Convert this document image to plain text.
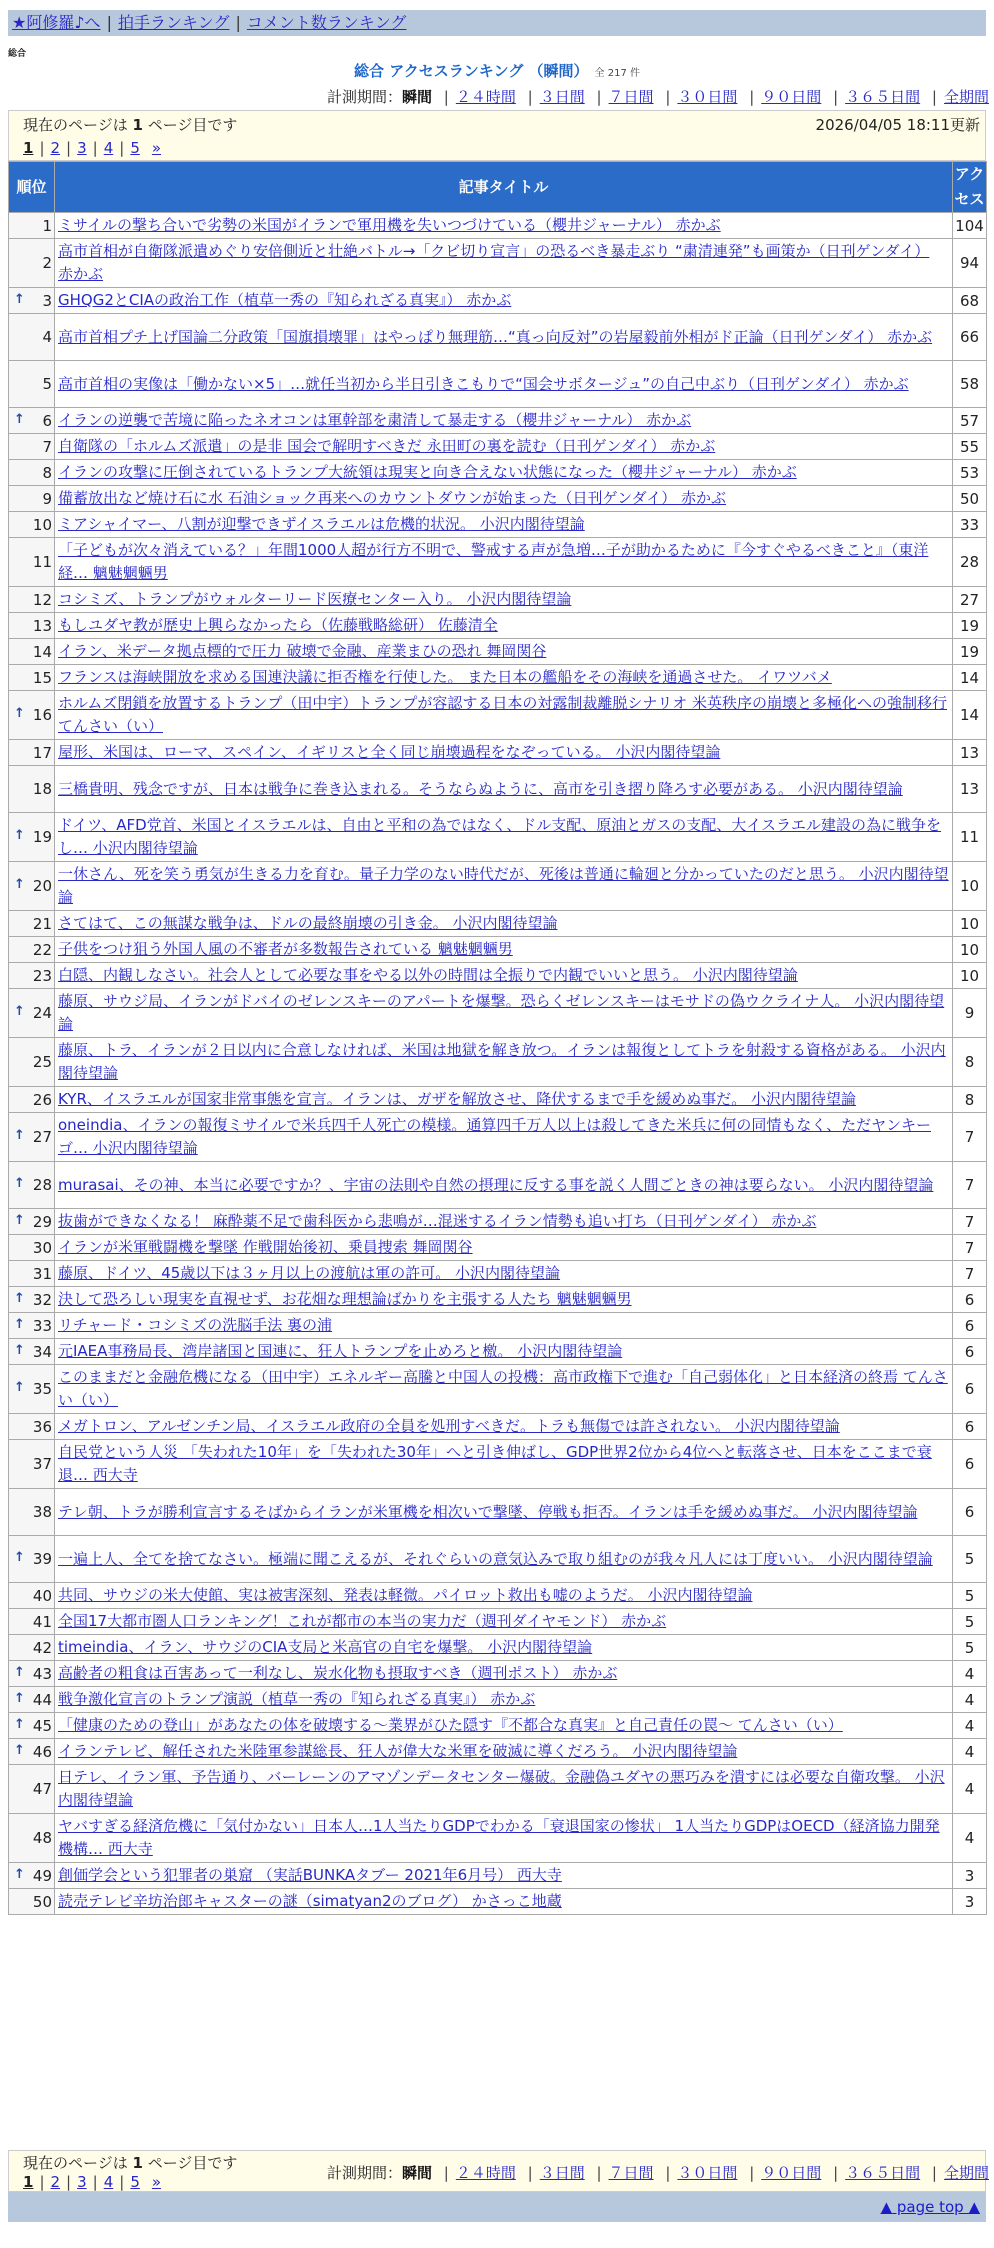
★阿修羅♪へ | 拍手ランキング | コメント数ランキング
総合
総合 アクセスランキング （瞬間） 全 217 件
計測期間：瞬間 | ２４時間 | ３日間 | ７日間 | ３０日間 | ９０日間 | ３６５日間 | 全期間
現在のページは 1 ページ目です	2026/04/05 18:11更新
1 | 2 | 3 | 4 | 5 »
順位	記事タイトル	アクセス
1	ミサイルの撃ち合いで劣勢の米国がイランで軍用機を失いつづけている（櫻井ジャーナル） 赤かぶ	104
2	高市首相が自衛隊派遣めぐり安倍側近と壮絶バトル→「クビ切り宣言」の恐るべき暴走ぶり “粛清連発”も画策か（日刊ゲンダイ） 赤かぶ	94

↑ 3	GHQG2とCIAの政治工作（植草一秀の『知られざる真実』） 赤かぶ	68
4	高市首相プチ上げ国論二分政策「国旗損壊罪」はやっぱり無理筋…“真っ向反対”の岩屋毅前外相がド正論（日刊ゲンダイ） 赤かぶ	66
5	高市首相の実像は「働かない×5」…就任当初から半日引きこもりで“国会サボタージュ”の自己中ぶり（日刊ゲンダイ） 赤かぶ	58

↑ 6	イランの逆襲で苦境に陥ったネオコンは軍幹部を粛清して暴走する（櫻井ジャーナル） 赤かぶ	57
7	自衛隊の「ホルムズ派遣」の是非 国会で解明すべきだ 永田町の裏を読む（日刊ゲンダイ） 赤かぶ	55
8	イランの攻撃に圧倒されているトランプ大統領は現実と向き合えない状態になった（櫻井ジャーナル） 赤かぶ	53
9	備蓄放出など焼け石に水 石油ショック再来へのカウントダウンが始まった（日刊ゲンダイ） 赤かぶ	50
10	ミアシャイマー、八割が迎撃できずイスラエルは危機的状況。 小沢内閣待望論	33
11	「子どもが次々消えている？」年間1000人超が行方不明で、警戒する声が急増…子が助かるために『今すぐやるべきこと』（東洋経… 魑魅魍魎男	28
12	コシミズ、トランプがウォルターリード医療センター入り。 小沢内閣待望論	27
13	もしユダヤ教が歴史上興らなかったら（佐藤戦略総研） 佐藤清全	19
14	イラン、米データ拠点標的で圧力 破壊で金融、産業まひの恐れ 舞岡関谷	19
15	フランスは海峡開放を求める国連決議に拒否権を行使した。 また日本の艦船をその海峡を通過させた。 イワツバメ	14

↑ 16	ホルムズ閉鎖を放置するトランプ（田中宇）トランプが容認する日本の対露制裁離脱シナリオ 米英秩序の崩壊と多極化への強制移行 てんさい（い）	14
17	屋形、米国は、ローマ、スペイン、イギリスと全く同じ崩壊過程をなぞっている。 小沢内閣待望論	13
18	三橋貴明、残念ですが、日本は戦争に巻き込まれる。そうならぬように、高市を引き摺り降ろす必要がある。 小沢内閣待望論	13

↑ 19	ドイツ、AFD党首、米国とイスラエルは、自由と平和の為ではなく、ドル支配、原油とガスの支配、大イスラエル建設の為に戦争をし… 小沢内閣待望論	11

↑ 20	一休さん、死を笑う勇気が生きる力を育む。量子力学のない時代だが、死後は普通に輪廻と分かっていたのだと思う。 小沢内閣待望論	10
21	さてはて、この無謀な戦争は、ドルの最終崩壊の引き金。 小沢内閣待望論	10
22	子供をつけ狙う外国人風の不審者が多数報告されている 魑魅魍魎男	10
23	白隠、内観しなさい。社会人として必要な事をやる以外の時間は全振りで内観でいいと思う。 小沢内閣待望論	10

↑ 24	藤原、サウジ局、イランがドバイのゼレンスキーのアパートを爆撃。恐らくゼレンスキーはモサドの偽ウクライナ人。 小沢内閣待望論	9
25	藤原、トラ、イランが２日以内に合意しなければ、米国は地獄を解き放つ。イランは報復としてトラを射殺する資格がある。 小沢内閣待望論	8
26	KYR、イスラエルが国家非常事態を宣言。イランは、ガザを解放させ、降伏するまで手を緩めぬ事だ。 小沢内閣待望論	8

↑ 27	oneindia、イランの報復ミサイルで米兵四千人死亡の模様。通算四千万人以上は殺してきた米兵に何の同情もなく、ただヤンキーゴ… 小沢内閣待望論	7

↑ 28	murasai、その神、本当に必要ですか？、宇宙の法則や自然の摂理に反する事を説く人間ごときの神は要らない。 小沢内閣待望論	7

↑ 29	抜歯ができなくなる！ 麻酔薬不足で歯科医から悲鳴が…混迷するイラン情勢も追い打ち（日刊ゲンダイ） 赤かぶ	7
30	イランが米軍戦闘機を撃墜 作戦開始後初、乗員捜索 舞岡関谷	7
31	藤原、ドイツ、45歳以下は３ヶ月以上の渡航は軍の許可。 小沢内閣待望論	7

↑ 32	決して恐ろしい現実を直視せず、お花畑な理想論ばかりを主張する人たち 魑魅魍魎男	6

↑ 33	リチャード・コシミズの洗脳手法 裏の浦	6

↑ 34	元IAEA事務局長、湾岸諸国と国連に、狂人トランプを止めろと檄。 小沢内閣待望論	6

↑ 35	このままだと金融危機になる（田中宇）エネルギー高騰と中国人の投機：高市政権下で進む「自己弱体化」と日本経済の終焉 てんさい（い）	6
36	メガトロン、アルゼンチン局、イスラエル政府の全員を処刑すべきだ。トラも無傷では許されない。 小沢内閣待望論	6
37	自民党という人災 「失われた10年」を「失われた30年」へと引き伸ばし、GDP世界2位から4位へと転落させ、日本をここまで衰退… 西大寺	6
38	テレ朝、トラが勝利宣言するそばからイランが米軍機を相次いで撃墜、停戦も拒否。イランは手を緩めぬ事だ。 小沢内閣待望論	6

↑ 39	一遍上人、全てを捨てなさい。極端に聞こえるが、それぐらいの意気込みで取り組むのが我々凡人には丁度いい。 小沢内閣待望論	5
40	共同、サウジの米大使館、実は被害深刻、発表は軽微。パイロット救出も嘘のようだ。 小沢内閣待望論	5
41	全国17大都市圏人口ランキング！これが都市の本当の実力だ（週刊ダイヤモンド） 赤かぶ	5
42	timeindia、イラン、サウジのCIA支局と米高官の自宅を爆撃。 小沢内閣待望論	5

↑ 43	高齢者の粗食は百害あって一利なし、炭水化物も摂取すべき（週刊ポスト） 赤かぶ	4

↑ 44	戦争激化宣言のトランプ演説（植草一秀の『知られざる真実』） 赤かぶ	4

↑ 45	「健康のための登山」があなたの体を破壊する～業界がひた隠す『不都合な真実』と自己責任の罠～ てんさい（い）	4

↑ 46	イランテレビ、解任された米陸軍参謀総長、狂人が偉大な米軍を破滅に導くだろう。 小沢内閣待望論	4
47	日テレ、イラン軍、予告通り、バーレーンのアマゾンデータセンター爆破。金融偽ユダヤの悪巧みを潰すには必要な自衛攻撃。 小沢内閣待望論	4
48	ヤバすぎる経済危機に「気付かない」日本人…1人当たりGDPでわかる「衰退国家の惨状」 1人当たりGDPはOECD（経済協力開発機構… 西大寺	4

↑ 49	創価学会という犯罪者の巣窟 （実話BUNKAタブー 2021年6月号） 西大寺	3
50	読売テレビ辛坊治郎キャスターの謎（simatyan2のブログ） かさっこ地蔵	3
現在のページは 1 ページ目です
1 | 2 | 3 | 4 | 5 »	計測期間：瞬間 | ２４時間 | ３日間 | ７日間 | ３０日間 | ９０日間 | ３６５日間 | 全期間
▲ page top ▲
